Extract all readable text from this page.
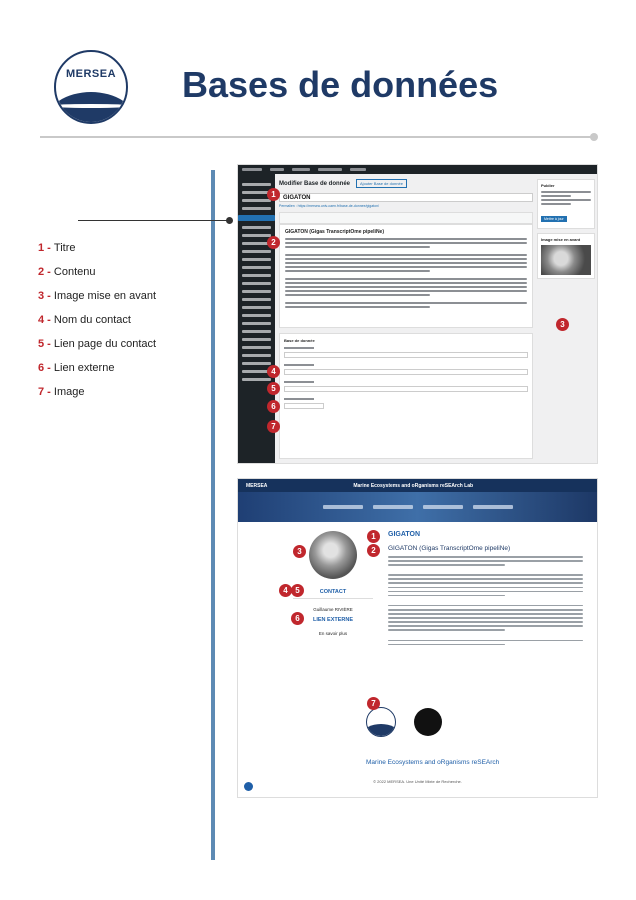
MERSEA Bases de données
1 - Titre
2 - Contenu
3 - Image mise en avant
4 - Nom du contact
5 - Lien page du contact
6 - Lien externe
7 - Image
Modifier Base de donnée	Ajouter Base de donnée
GIGATON
Permalien : https://mersea.univ-caen.fr/base-de-donnee/gigaton/
GIGATON (Gigas TranscriptOme pipeliNe)
Base de donnée
Publier
Mettre à jour
Image mise en avant
MERSEA	Marine Ecosystems and oRganisms reSEArch Lab
CONTACT
Guillaume RIVIÈRE
LIEN EXTERNE
En savoir plus
GIGATON
GIGATON (Gigas TranscriptOme pipeliNe)
Marine Ecosystems and oRganisms reSEArch
© 2022 MERSEA. Une Unité Mixte de Recherche.
1
2
3
4
5
6
7
3
1
2
4 5
6
7
